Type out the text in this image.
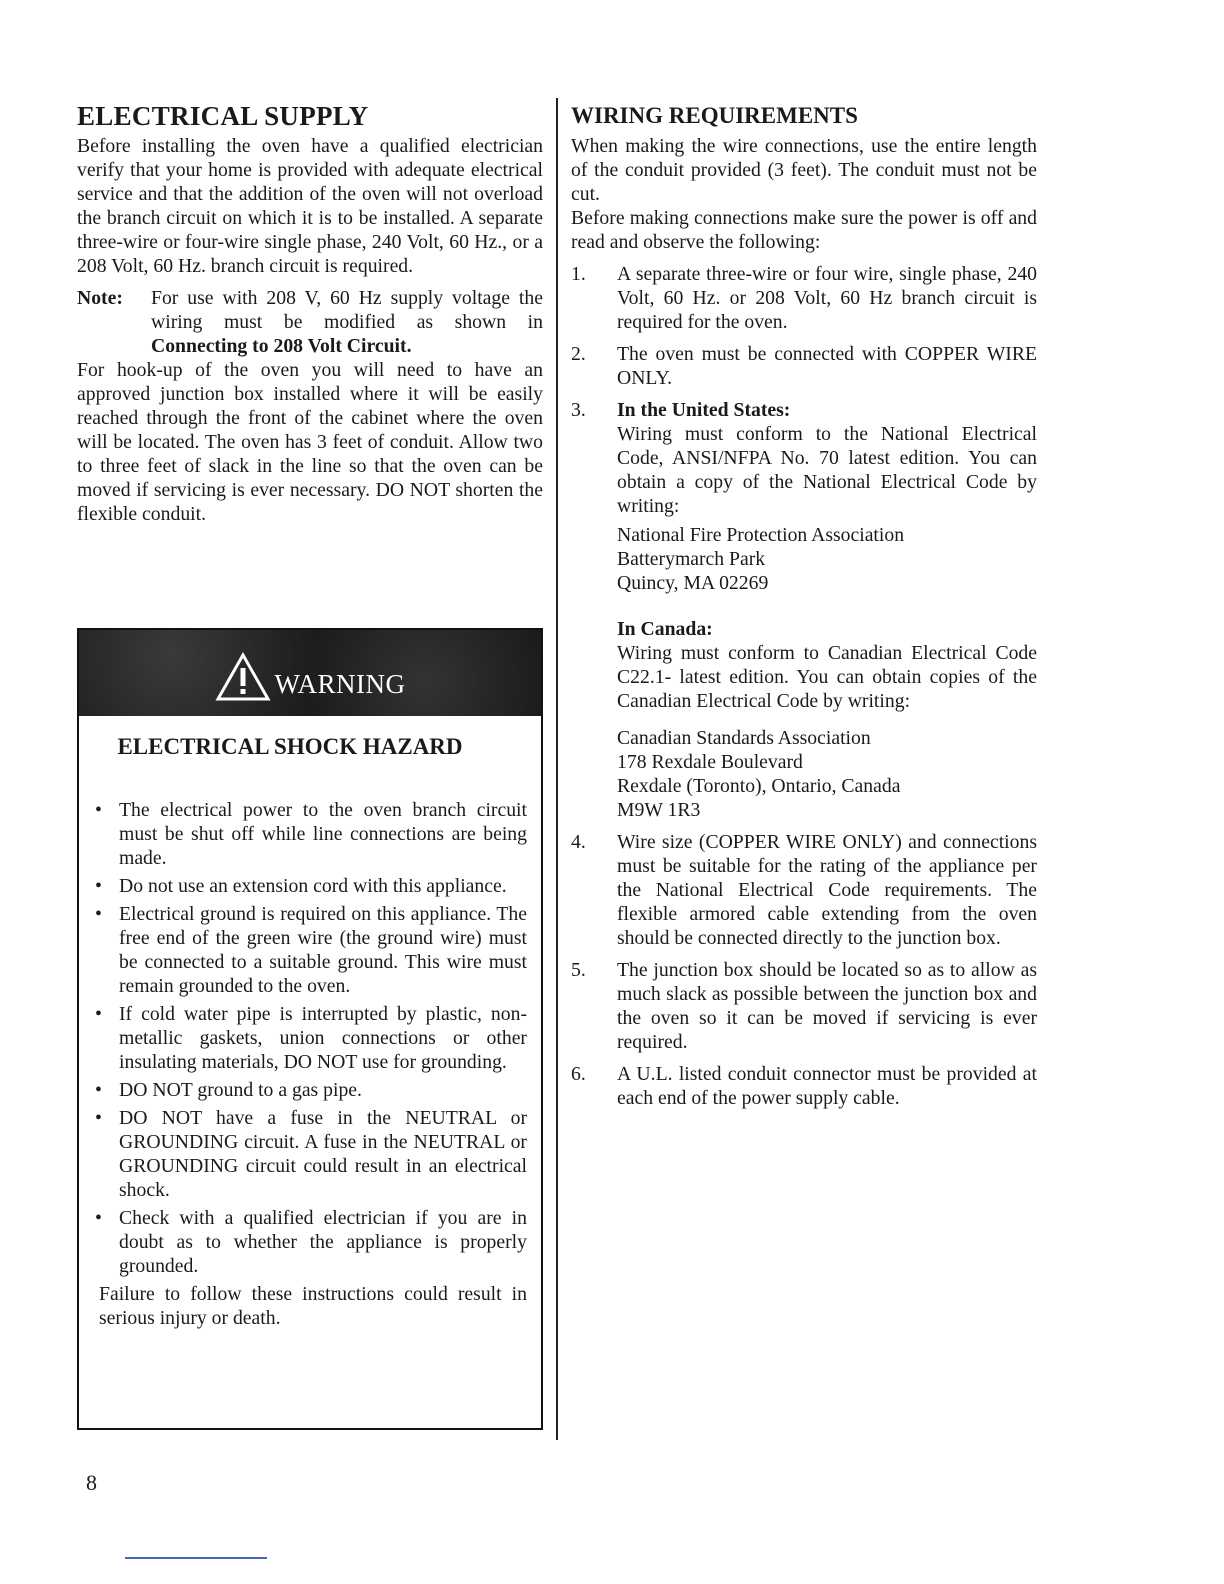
ELECTRICAL SUPPLY

Before installing the oven have a qualified electrician verify that your home is provided with adequate electrical service and that the addition of the oven will not overload the branch circuit on which it is to be installed. A separate three-wire or four-wire single phase, 240 Volt, 60 Hz., or a 208 Volt, 60 Hz. branch circuit is required.

Note:	For use with 208 V, 60 Hz supply voltage the wiring must be modified as shown in Connecting to 208 Volt Circuit.

For hook-up of the oven you will need to have an approved junction box installed where it will be easily reached through the front of the cabinet where the oven will be located. The oven has 3 feet of conduit. Allow two to three feet of slack in the line so that the oven can be moved if servicing is ever necessary. DO NOT shorten the flexible conduit.

WARNING
ELECTRICAL SHOCK HAZARD
• The electrical power to the oven branch circuit must be shut off while line connections are being made.
• Do not use an extension cord with this appliance.
• Electrical ground is required on this appliance. The free end of the green wire (the ground wire) must be connected to a suitable ground. This wire must remain grounded to the oven.
• If cold water pipe is interrupted by plastic, non-metallic gaskets, union connections or other insulating materials, DO NOT use for grounding.
• DO NOT ground to a gas pipe.
• DO NOT have a fuse in the NEUTRAL or GROUNDING circuit. A fuse in the NEUTRAL or GROUNDING circuit could result in an electrical shock.
• Check with a qualified electrician if you are in doubt as to whether the appliance is properly grounded.

Failure to follow these instructions could result in serious injury or death.

WIRING REQUIREMENTS

When making the wire connections, use the entire length of the conduit provided (3 feet). The conduit must not be cut.

Before making connections make sure the power is off and read and observe the following:

1.	A separate three-wire or four wire, single phase, 240 Volt, 60 Hz. or 208 Volt, 60 Hz branch circuit is required for the oven.
2.	The oven must be connected with COPPER WIRE ONLY.
3.	In the United States:
Wiring must conform to the National Electrical Code, ANSI/NFPA No. 70 latest edition. You can obtain a copy of the National Electrical Code by writing:
National Fire Protection Association
Batterymarch Park
Quincy, MA 02269
In Canada:
Wiring must conform to Canadian Electrical Code C22.1- latest edition. You can obtain copies of the Canadian Electrical Code by writing:
Canadian Standards Association
178 Rexdale Boulevard
Rexdale (Toronto), Ontario, Canada
M9W 1R3
4.	Wire size (COPPER WIRE ONLY) and connections must be suitable for the rating of the appliance per the National Electrical Code requirements. The flexible armored cable extending from the oven should be connected directly to the junction box.
5.	The junction box should be located so as to allow as much slack as possible between the junction box and the oven so it can be moved if servicing is ever required.
6.	A U.L. listed conduit connector must be provided at each end of the power supply cable.
8
